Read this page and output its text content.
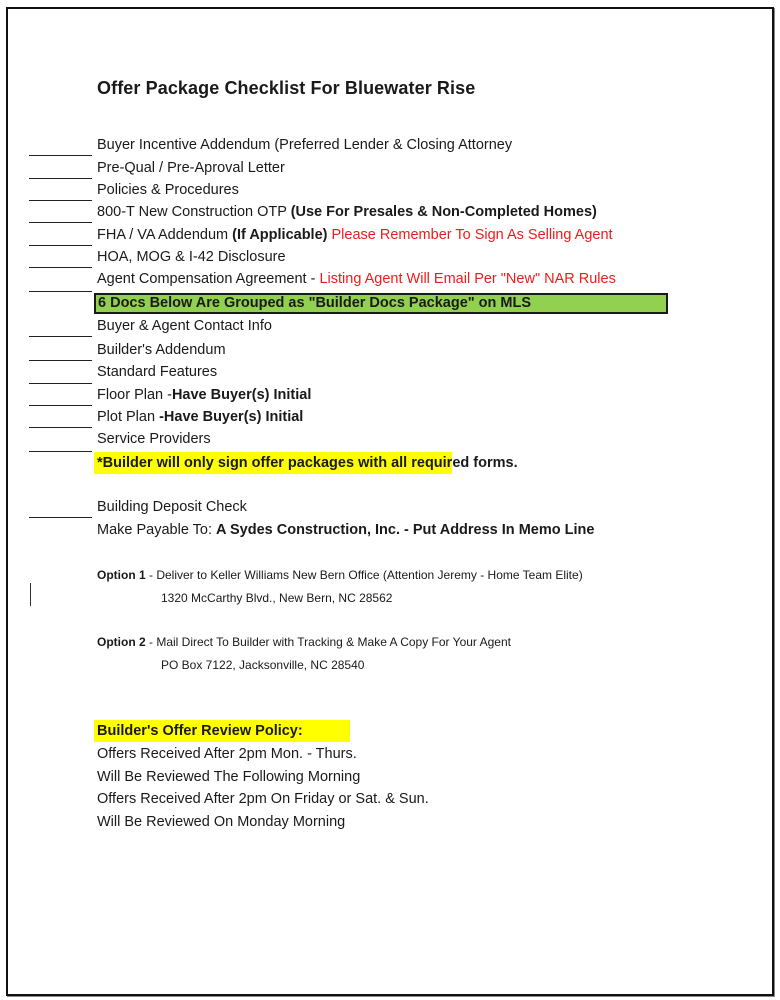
Offer Package Checklist For Bluewater Rise
Buyer Incentive Addendum (Preferred Lender & Closing Attorney
Pre-Qual / Pre-Aproval Letter
Policies & Procedures
800-T New Construction OTP (Use For Presales & Non-Completed Homes)
FHA / VA Addendum (If Applicable) Please Remember To Sign As Selling Agent
HOA, MOG & I-42 Disclosure
Agent Compensation Agreement - Listing Agent Will Email Per "New" NAR Rules
6 Docs Below Are Grouped as "Builder Docs Package" on MLS
Buyer & Agent Contact Info
Builder's Addendum
Standard Features
Floor Plan -Have Buyer(s) Initial
Plot Plan -Have Buyer(s) Initial
Service Providers
*Builder will only sign offer packages with all required forms.
Building Deposit Check
Make Payable To: A Sydes Construction, Inc. - Put Address In Memo Line
Option 1 - Deliver to Keller Williams New Bern Office (Attention Jeremy - Home Team Elite)
1320 McCarthy Blvd., New Bern, NC 28562
Option 2 - Mail Direct To Builder with Tracking & Make A Copy For Your Agent
PO Box 7122, Jacksonville, NC 28540
Builder's Offer Review Policy:
Offers Received After 2pm Mon. - Thurs.
Will Be Reviewed The Following Morning
Offers Received After 2pm On Friday or Sat. & Sun.
Will Be Reviewed On Monday Morning
